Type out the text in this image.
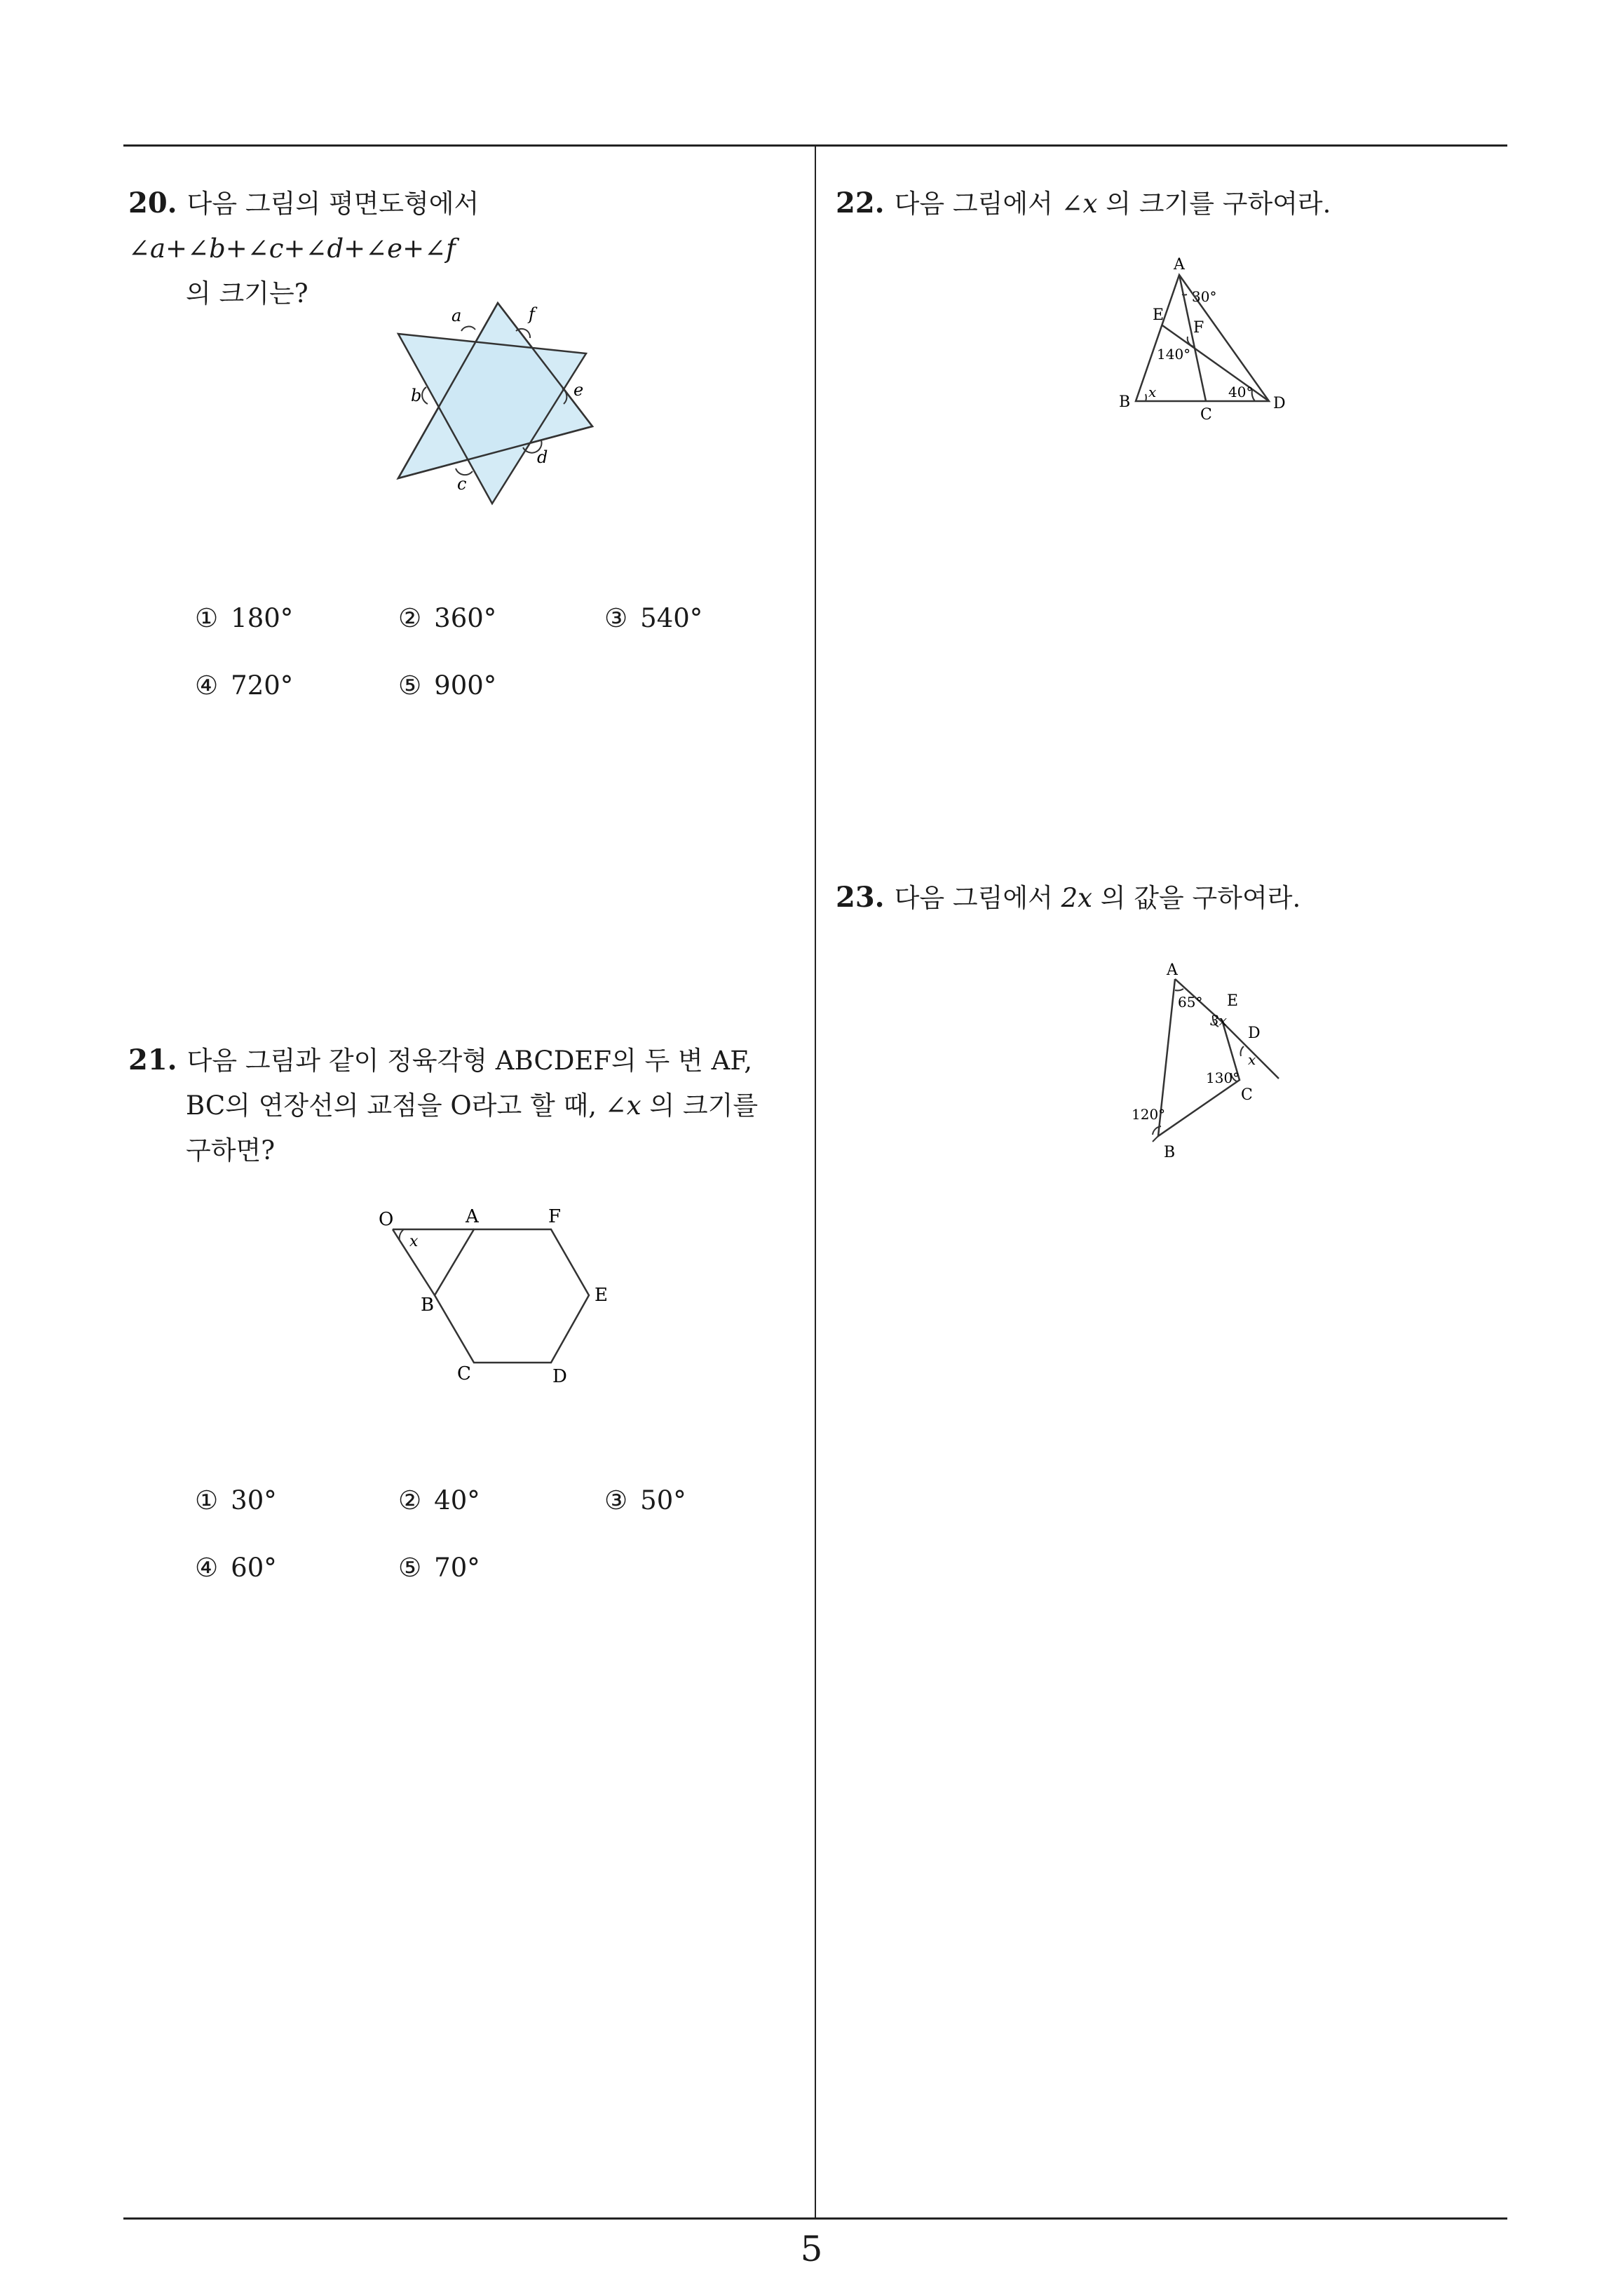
20. 다음 그림의 평면도형에서 ∠a+∠b+∠c+∠d+∠e+∠f
의 크기는?
a	f
b	e
c
d
① 180°	② 360°	③ 540°
④ 720°	⑤ 900°
21. 다음 그림과 같이 정육각형 ABCDEF의 두 변 AF,
BC의 연장선의 교점을 O라고 할 때, ∠x 의 크기를
구하면?
O	A	F
x
B	E
C	D
① 30°	② 40°	③ 50°
④ 60°	⑤ 70°
22. 다음 그림에서 ∠x 의 크기를 구하여라.
A
30°
E
F
140°
B
x	40°
D
C
23. 다음 그림에서 2x 의 값을 구하여라.
A
65° E
3x
D
x
130°
C
120°
B
5
